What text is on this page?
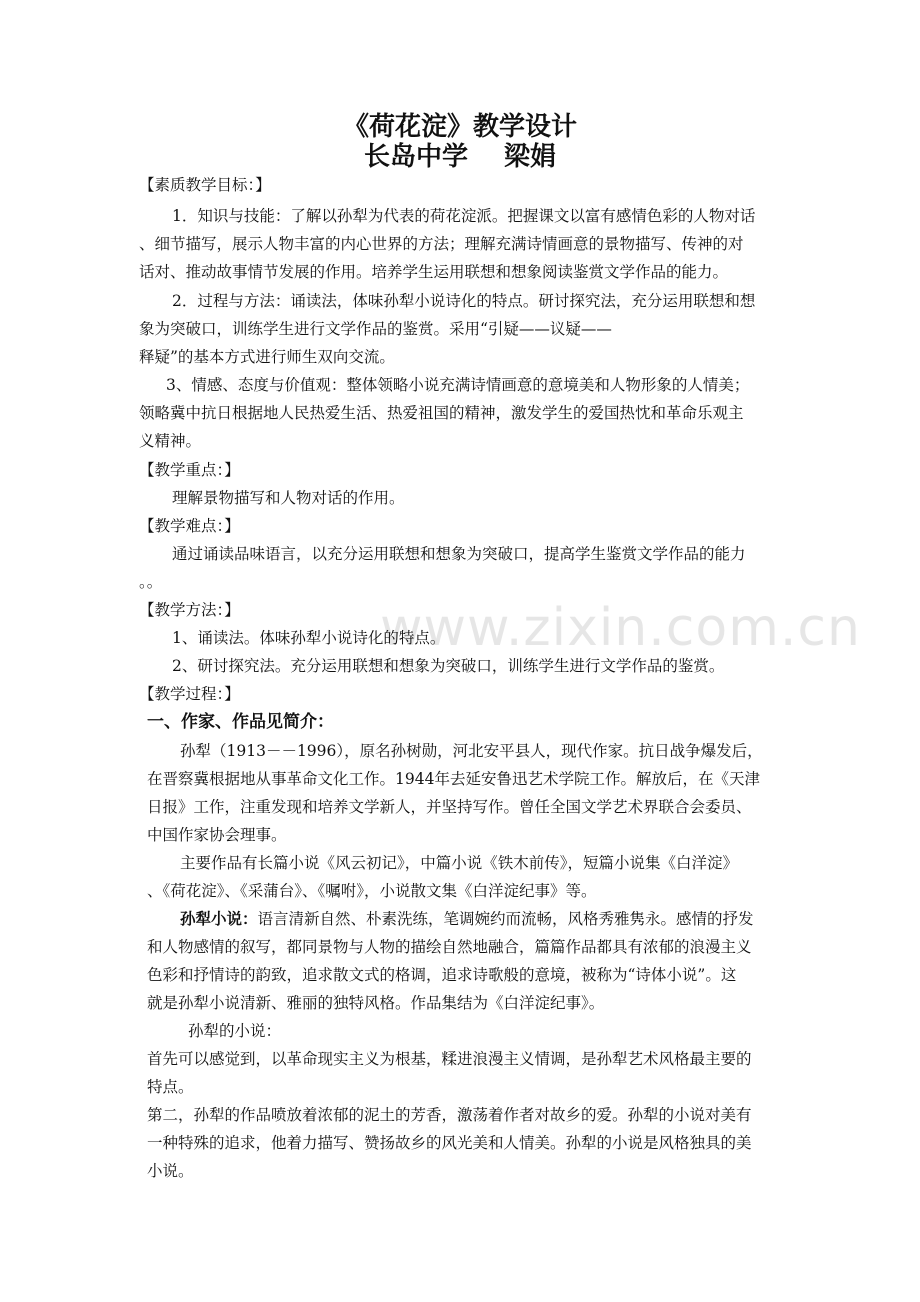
www.zixin.com.cn
《荷花淀》教学设计
长岛中学 梁娟
【素质教学目标：】
1．知识与技能：了解以孙犁为代表的荷花淀派。把握课文以富有感情色彩的人物对话
、细节描写，展示人物丰富的内心世界的方法；理解充满诗情画意的景物描写、传神的对
话对、推动故事情节发展的作用。培养学生运用联想和想象阅读鉴赏文学作品的能力。
2．过程与方法：诵读法，体味孙犁小说诗化的特点。研讨探究法，充分运用联想和想
象为突破口，训练学生进行文学作品的鉴赏。采用“引疑——议疑——
释疑”的基本方式进行师生双向交流。
3、情感、态度与价值观：整体领略小说充满诗情画意的意境美和人物形象的人情美；
领略冀中抗日根据地人民热爱生活、热爱祖国的精神，激发学生的爱国热忱和革命乐观主
义精神。
【教学重点：】
理解景物描写和人物对话的作用。
【教学难点：】
通过诵读品味语言，以充分运用联想和想象为突破口，提高学生鉴赏文学作品的能力
。。
【教学方法：】
1、诵读法。体味孙犁小说诗化的特点。
2、研讨探究法。充分运用联想和想象为突破口，训练学生进行文学作品的鉴赏。
【教学过程：】
一、作家、作品见简介：
孙犁（1913－－1996），原名孙树勋，河北安平县人，现代作家。抗日战争爆发后，
在晋察冀根据地从事革命文化工作。1944年去延安鲁迅艺术学院工作。解放后，在《天津
日报》工作，注重发现和培养文学新人，并坚持写作。曾任全国文学艺术界联合会委员、
中国作家协会理事。
主要作品有长篇小说《风云初记》，中篇小说《铁木前传》，短篇小说集《白洋淀》
、《荷花淀》、《采蒲台》、《嘱咐》，小说散文集《白洋淀纪事》等。
孙犁小说：语言清新自然、朴素洗练，笔调婉约而流畅，风格秀雅隽永。感情的抒发
和人物感情的叙写，都同景物与人物的描绘自然地融合，篇篇作品都具有浓郁的浪漫主义
色彩和抒情诗的韵致，追求散文式的格调，追求诗歌般的意境，被称为“诗体小说”。这
就是孙犁小说清新、雅丽的独特风格。作品集结为《白洋淀纪事》。
孙犁的小说：
首先可以感觉到，以革命现实主义为根基，糅进浪漫主义情调，是孙犁艺术风格最主要的
特点。
第二，孙犁的作品喷放着浓郁的泥土的芳香，激荡着作者对故乡的爱。孙犁的小说对美有
一种特殊的追求，他着力描写、赞扬故乡的风光美和人情美。孙犁的小说是风格独具的美
小说。
